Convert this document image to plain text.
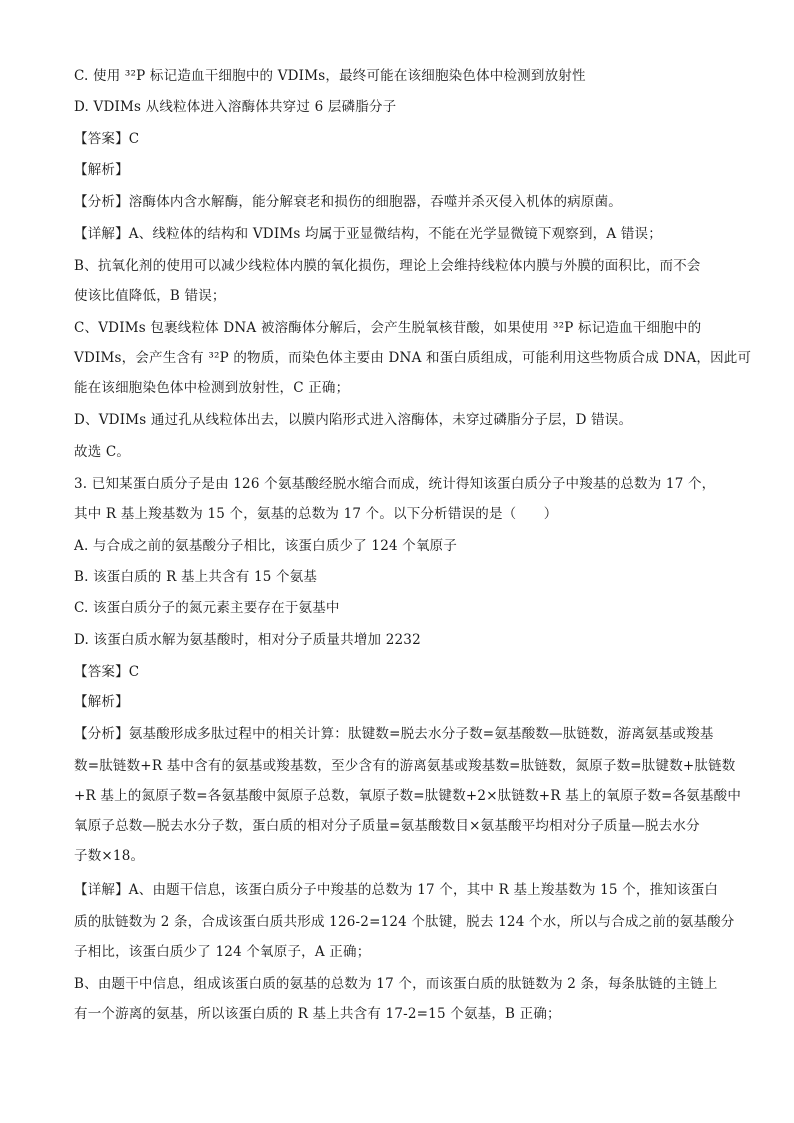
C. 使用 ³²P 标记造血干细胞中的 VDIMs，最终可能在该细胞染色体中检测到放射性
D. VDIMs 从线粒体进入溶酶体共穿过 6 层磷脂分子
【答案】C
【解析】
【分析】溶酶体内含水解酶，能分解衰老和损伤的细胞器，吞噬并杀灭侵入机体的病原菌。
【详解】A、线粒体的结构和 VDIMs 均属于亚显微结构，不能在光学显微镜下观察到，A 错误；
B、抗氧化剂的使用可以减少线粒体内膜的氧化损伤，理论上会维持线粒体内膜与外膜的面积比，而不会
使该比值降低，B 错误；
C、VDIMs 包裹线粒体 DNA 被溶酶体分解后，会产生脱氧核苷酸，如果使用 ³²P 标记造血干细胞中的
VDIMs，会产生含有 ³²P 的物质，而染色体主要由 DNA 和蛋白质组成，可能利用这些物质合成 DNA，因此可
能在该细胞染色体中检测到放射性，C 正确；
D、VDIMs 通过孔从线粒体出去，以膜内陷形式进入溶酶体，未穿过磷脂分子层，D 错误。
故选 C。
3. 已知某蛋白质分子是由 126 个氨基酸经脱水缩合而成，统计得知该蛋白质分子中羧基的总数为 17 个，
其中 R 基上羧基数为 15 个，氨基的总数为 17 个。以下分析错误的是（　　）
A. 与合成之前的氨基酸分子相比，该蛋白质少了 124 个氧原子
B. 该蛋白质的 R 基上共含有 15 个氨基
C. 该蛋白质分子的氮元素主要存在于氨基中
D. 该蛋白质水解为氨基酸时，相对分子质量共增加 2232
【答案】C
【解析】
【分析】氨基酸形成多肽过程中的相关计算：肽键数=脱去水分子数=氨基酸数—肽链数，游离氨基或羧基
数=肽链数+R 基中含有的氨基或羧基数，至少含有的游离氨基或羧基数=肽链数，氮原子数=肽键数+肽链数
+R 基上的氮原子数=各氨基酸中氮原子总数，氧原子数=肽键数+2×肽链数+R 基上的氧原子数=各氨基酸中
氧原子总数—脱去水分子数，蛋白质的相对分子质量=氨基酸数目×氨基酸平均相对分子质量—脱去水分
子数×18。
【详解】A、由题干信息，该蛋白质分子中羧基的总数为 17 个，其中 R 基上羧基数为 15 个，推知该蛋白
质的肽链数为 2 条，合成该蛋白质共形成 126-2=124 个肽键，脱去 124 个水，所以与合成之前的氨基酸分
子相比，该蛋白质少了 124 个氧原子，A 正确；
B、由题干中信息，组成该蛋白质的氨基的总数为 17 个，而该蛋白质的肽链数为 2 条，每条肽链的主链上
有一个游离的氨基，所以该蛋白质的 R 基上共含有 17-2=15 个氨基，B 正确；
